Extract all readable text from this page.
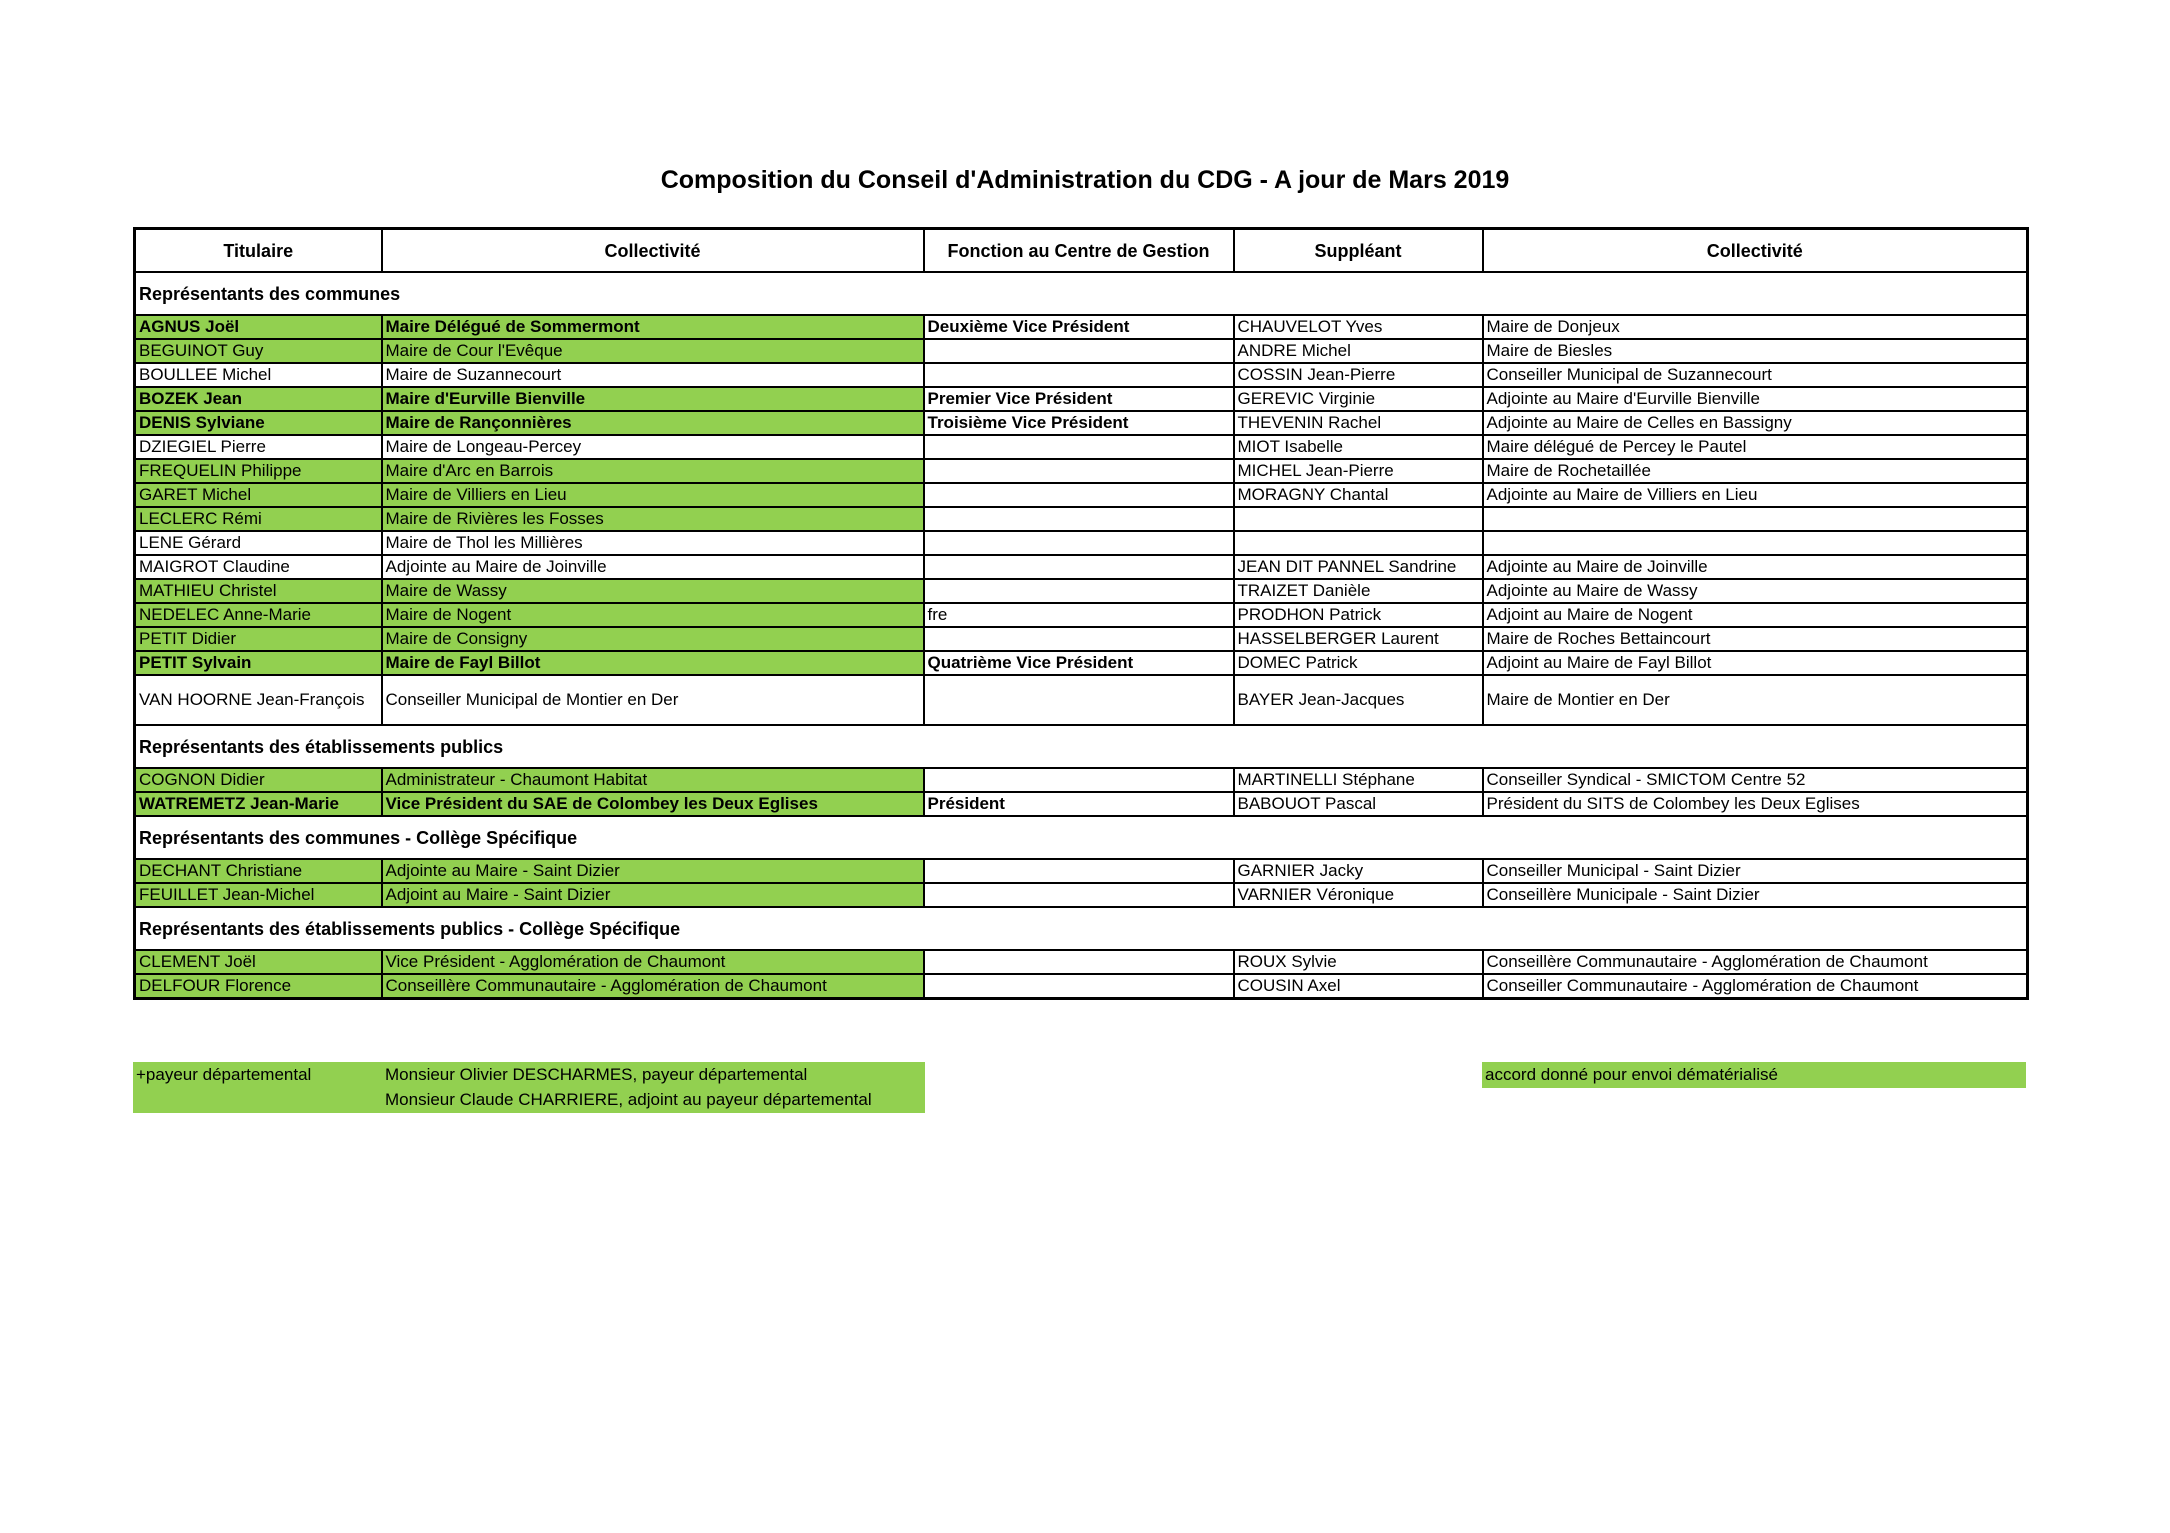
Composition du Conseil d'Administration du CDG - A jour de Mars 2019
Titulaire	Collectivité	Fonction au Centre de Gestion	Suppléant	Collectivité
Représentants des communes				
AGNUS Joël	Maire Délégué de Sommermont	Deuxième Vice Président	CHAUVELOT Yves	Maire de Donjeux
BEGUINOT Guy	Maire de Cour l'Evêque		ANDRE Michel	Maire de Biesles
BOULLEE Michel	Maire de Suzannecourt		COSSIN Jean-Pierre	Conseiller Municipal de Suzannecourt
BOZEK Jean	Maire d'Eurville Bienville	Premier Vice Président	GEREVIC Virginie	Adjointe au Maire d'Eurville Bienville
DENIS Sylviane	Maire de Rançonnières	Troisième Vice Président	THEVENIN Rachel	Adjointe au Maire de Celles en Bassigny
DZIEGIEL Pierre	Maire de Longeau-Percey		MIOT Isabelle	Maire délégué de Percey le Pautel
FREQUELIN Philippe	Maire d'Arc en Barrois		MICHEL Jean-Pierre	Maire de Rochetaillée
GARET Michel	Maire de Villiers en Lieu		MORAGNY Chantal	Adjointe au Maire de Villiers en Lieu
LECLERC Rémi	Maire de Rivières les Fosses			
LENE Gérard	Maire de Thol les Millières			
MAIGROT Claudine	Adjointe au Maire de Joinville		JEAN DIT PANNEL Sandrine	Adjointe au Maire de Joinville
MATHIEU Christel	Maire de Wassy		TRAIZET Danièle	Adjointe au Maire de Wassy
NEDELEC Anne-Marie	Maire de Nogent	fre	PRODHON Patrick	Adjoint au Maire de Nogent
PETIT Didier	Maire de Consigny		HASSELBERGER Laurent	Maire de Roches Bettaincourt
PETIT Sylvain	Maire de Fayl Billot	Quatrième Vice Président	DOMEC Patrick	Adjoint au Maire de Fayl Billot
VAN HOORNE Jean-François	Conseiller Municipal de Montier en Der		BAYER Jean-Jacques	Maire de Montier en Der
Représentants des établissements publics				
COGNON Didier	Administrateur - Chaumont Habitat		MARTINELLI Stéphane	Conseiller Syndical - SMICTOM Centre 52
WATREMETZ Jean-Marie	Vice Président du SAE de Colombey les Deux Eglises	Président	BABOUOT Pascal	Président du SITS de Colombey les Deux Eglises
Représentants des communes - Collège Spécifique				
DECHANT Christiane	Adjointe au Maire - Saint Dizier		GARNIER Jacky	Conseiller Municipal - Saint Dizier
FEUILLET Jean-Michel	Adjoint au Maire - Saint Dizier		VARNIER Véronique	Conseillère Municipale - Saint Dizier
Représentants des établissements publics - Collège Spécifique				
CLEMENT Joël	Vice Président - Agglomération de Chaumont		ROUX Sylvie	Conseillère Communautaire - Agglomération de Chaumont
DELFOUR Florence	Conseillère Communautaire - Agglomération de Chaumont		COUSIN Axel	Conseiller Communautaire - Agglomération de Chaumont
+payeur départemental	Monsieur Olivier DESCHARMES, payeur départemental
Monsieur Claude CHARRIERE, adjoint au payeur départemental
accord donné pour envoi dématérialisé
